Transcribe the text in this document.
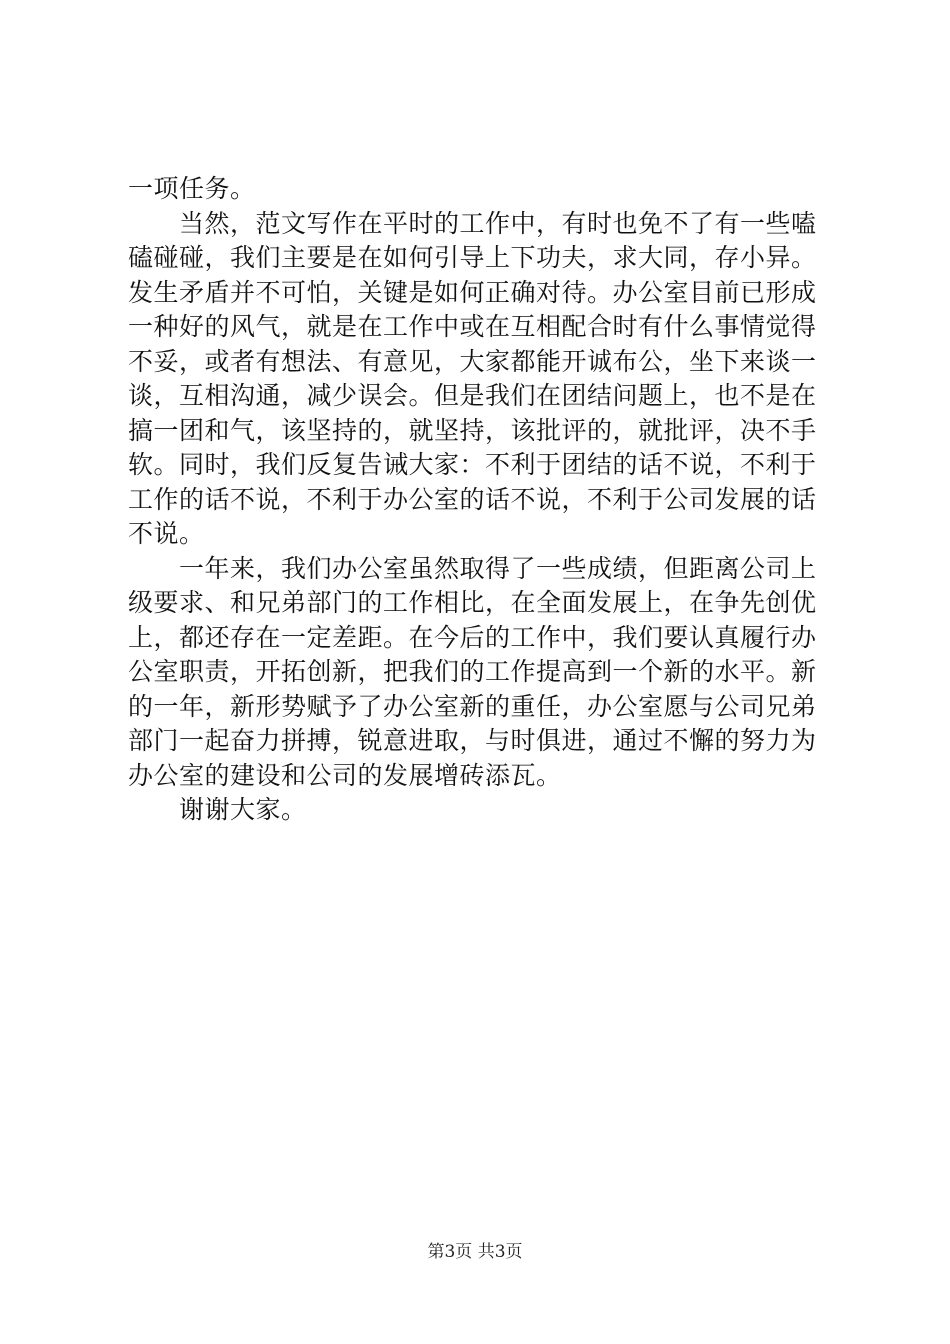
一项任务。
　　当然，范文写作在平时的工作中，有时也免不了有一些嗑
磕碰碰，我们主要是在如何引导上下功夫，求大同，存小异。
发生矛盾并不可怕，关键是如何正确对待。办公室目前已形成
一种好的风气，就是在工作中或在互相配合时有什么事情觉得
不妥，或者有想法、有意见，大家都能开诚布公，坐下来谈一
谈，互相沟通，减少误会。但是我们在团结问题上，也不是在
搞一团和气，该坚持的，就坚持，该批评的，就批评，决不手
软。同时，我们反复告诫大家：不利于团结的话不说，不利于
工作的话不说，不利于办公室的话不说，不利于公司发展的话
不说。
　　一年来，我们办公室虽然取得了一些成绩，但距离公司上
级要求、和兄弟部门的工作相比，在全面发展上，在争先创优
上，都还存在一定差距。在今后的工作中，我们要认真履行办
公室职责，开拓创新，把我们的工作提高到一个新的水平。新
的一年，新形势赋予了办公室新的重任，办公室愿与公司兄弟
部门一起奋力拼搏，锐意进取，与时俱进，通过不懈的努力为
办公室的建设和公司的发展增砖添瓦。
　　谢谢大家。
第3页 共3页
